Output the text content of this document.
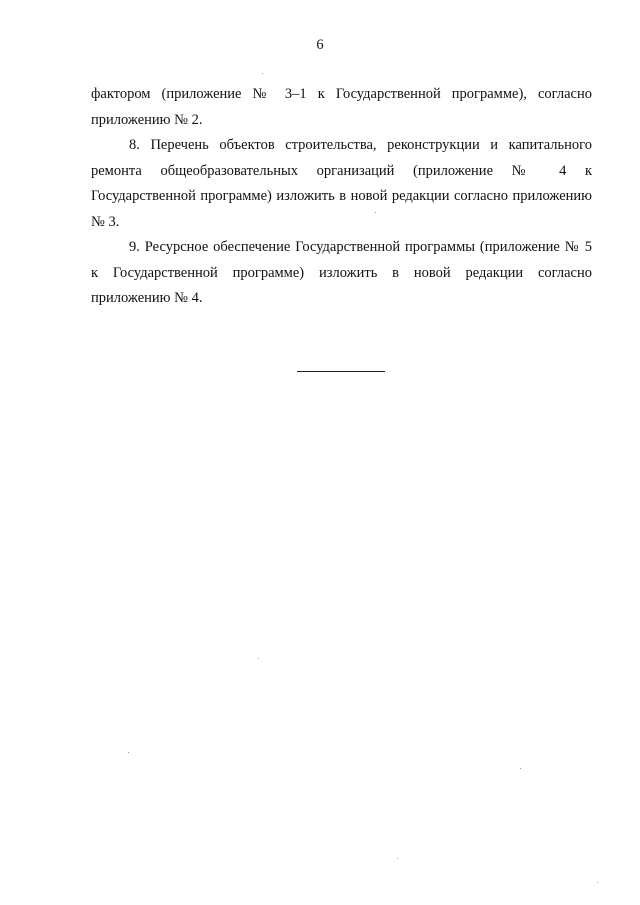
6

фактором (приложение № 3–1 к Государственной программе), согласно приложению № 2.

8. Перечень объектов строительства, реконструкции и капитального ремонта общеобразовательных организаций (приложение № 4 к Государственной программе) изложить в новой редакции согласно приложению № 3.

9. Ресурсное обеспечение Государственной программы (приложение № 5 к Государственной программе) изложить в новой редакции согласно приложению № 4.
